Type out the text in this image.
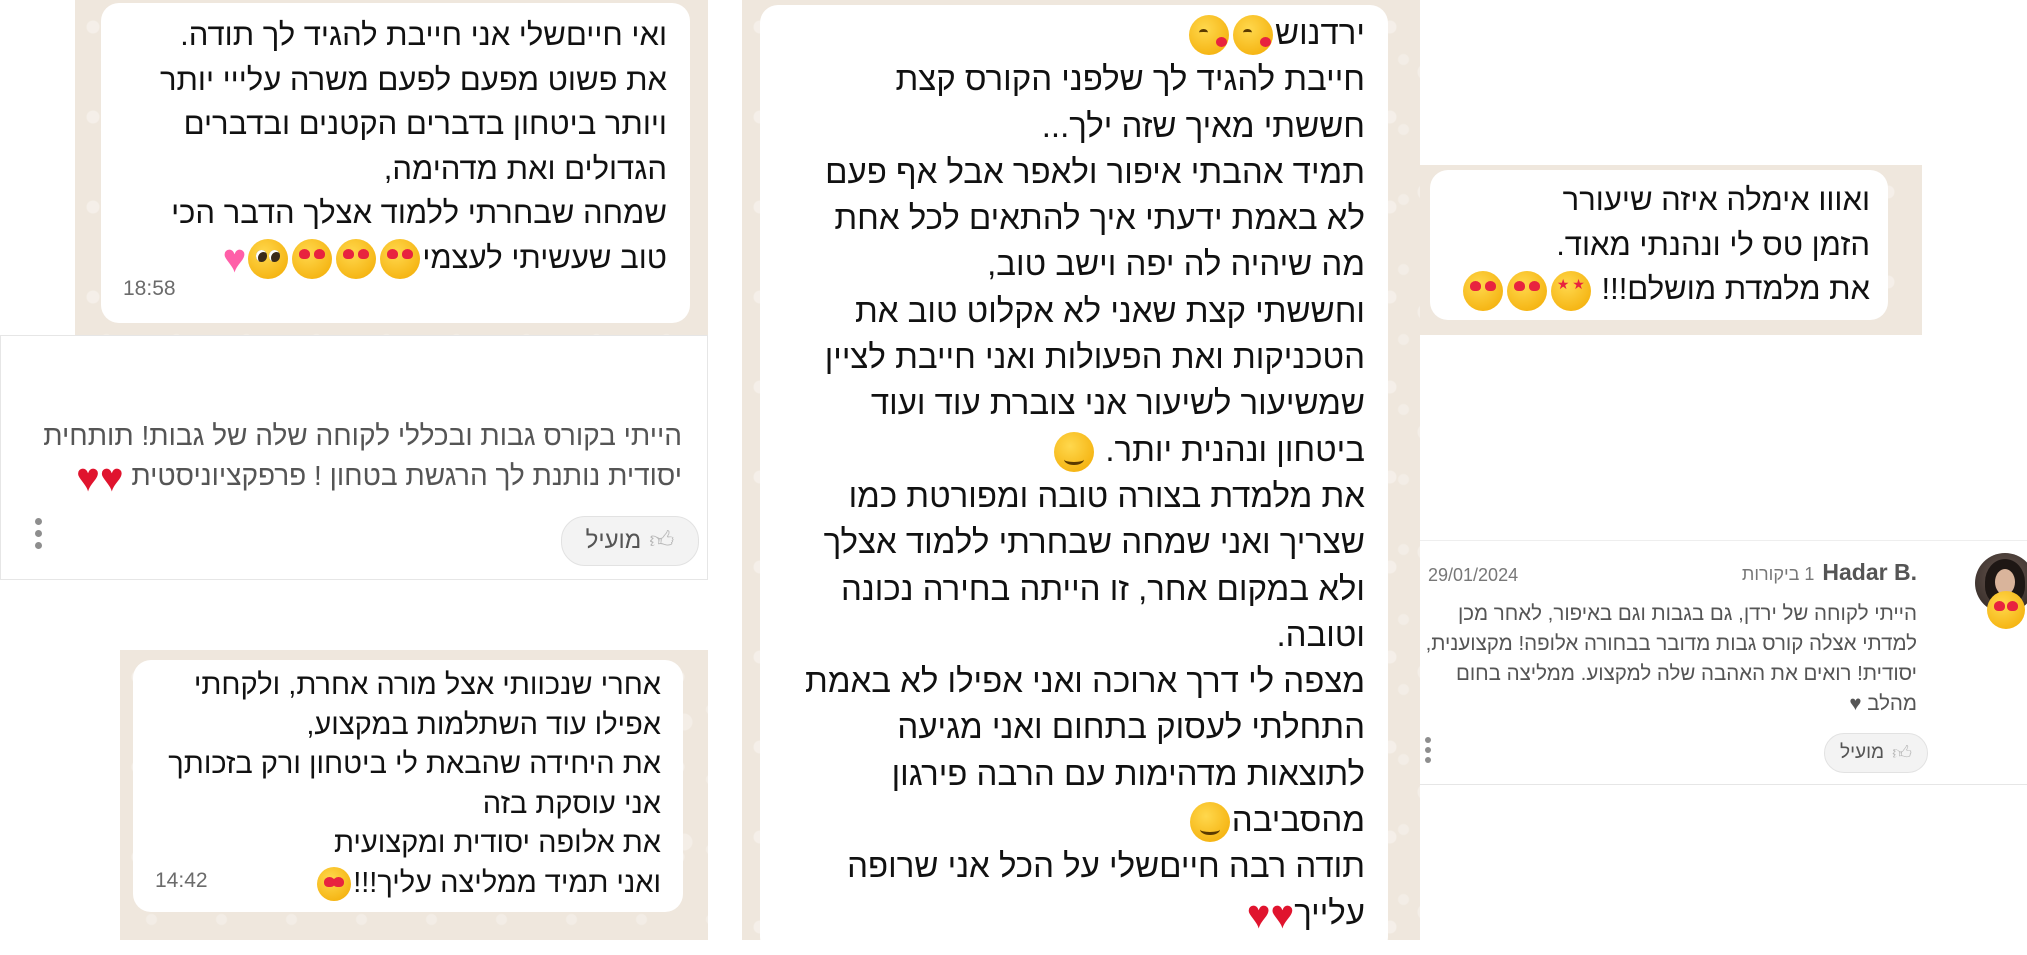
ואי חייםשלי אני חייבת להגיד לך תודה.
את פשוט מפעם לפעם משרה עלייי יותר
ויותר ביטחון בדברים הקטנים ובדברים
הגדולים ואת מדהימה,
שמחה שבחרתי ללמוד אצלך הדבר הכי
טוב שעשיתי לעצמי♥
18:58
הייתי בקורס גבות ובכללי לקוחה שלה של גבות! תותחית
יסודית נותנת לך הרגשת בטחון ! פרפקציוניסטית ♥♥
👍︎
מועיל
אחרי שנכוותי אצל מורה אחרת, ולקחתי
אפילו עוד השתלמות במקצוע,
את היחידה שהבאת לי ביטחון ורק בזכותך
אני עוסקת בזה
את אלופה יסודית ומקצועית
ואני תמיד ממליצה עליך!!!
14:42
ירדנוש
חייבת להגיד לך שלפני הקורס קצת
חששתי מאיך שזה ילך...
תמיד אהבתי איפור ולאפר אבל אף פעם
לא באמת ידעתי איך להתאים לכל אחת
מה שיהיה לה יפה וישב טוב,
וחששתי קצת שאני לא אקלוט טוב את
הטכניקות ואת הפעולות ואני חייבת לציין
שמשיעור לשיעור אני צוברת עוד ועוד
ביטחון ונהנית יותר.
את מלמדת בצורה טובה ומפורטת כמו
שצריך ואני שמחה שבחרתי ללמוד אצלך
ולא במקום אחר, זו הייתה בחירה נכונה
וטובה.
מצפה לי דרך ארוכה ואני אפילו לא באמת
התחלתי לעסוק בתחום ואני מגיעה
לתוצאות מדהימות עם הרבה פירגון
מהסביבה
תודה רבה חייםשלי על הכל אני שרופה
עלייך♥♥
ואווו אימלה איזה שיעורר
הזמן טס לי ונהנתי מאוד.
את מלמדת מושלם!!! ★ ★
Hadar B.
1 ביקורות
29/01/2024
הייתי לקוחה של ירדן, גם בגבות וגם באיפור, לאחר מכן
למדתי אצלה קורס גבות מדובר בבחורה אלופה! מקצוענית,
יסודית! רואים את האהבה שלה למקצוע. ממליצה בחום
מהלב ♥
👍︎
מועיל
